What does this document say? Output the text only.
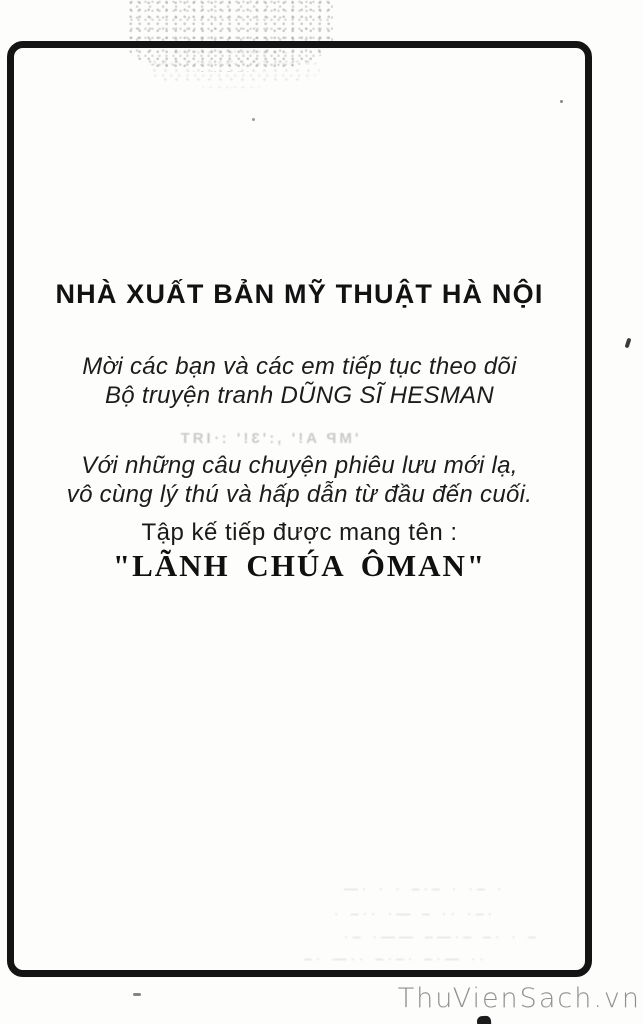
NHÀ XUẤT BẢN MỸ THUẬT HÀ NỘI
Mời các bạn và các em tiếp tục theo dõi
Bộ truyện tranh DŨNG SĨ HESMAN
'MP A!' ,:'3!' :·IЯT
Với những câu chuyện phiêu lưu mới lạ,
vô cùng lý thú và hấp dẫn từ đầu đến cuối.
Tập kế tiếp được mang tên :
"LÃNH CHÚA ÔMAN"
· –· · –·– · · ·—
·–· ·· – —· ··– ·
– · ·– –·—– ——· –·
·· —·– ·–·– ··— ·–
ThuVienSach.vn
